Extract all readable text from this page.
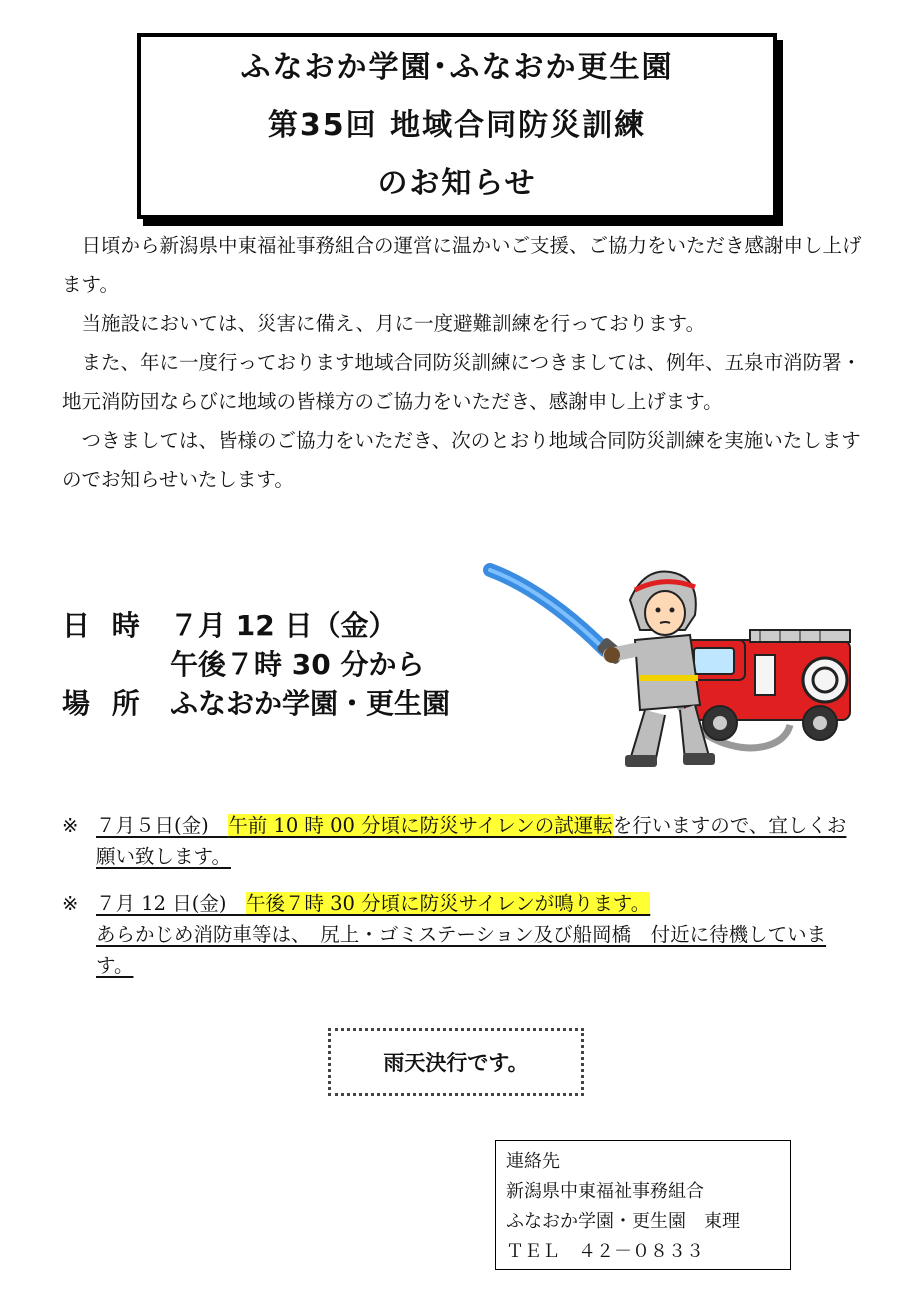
ふなおか学園･ふなおか更生園
第35回 地域合同防災訓練
のお知らせ

日頃から新潟県中東福祉事務組合の運営に温かいご支援、ご協力をいただき感謝申し上げます。

当施設においては、災害に備え、月に一度避難訓練を行っております。

また、年に一度行っております地域合同防災訓練につきましては、例年、五泉市消防署・地元消防団ならびに地域の皆様方のご協力をいただき、感謝申し上げます。

つきましては、皆様のご協力をいただき、次のとおり地域合同防災訓練を実施いたしますのでお知らせいたします。

日 時 ７月 12 日（金）
午後７時 30 分から
場 所 ふなおか学園・更生園
※ ７月５日(金)　午前 10 時 00 分頃に防災サイレンの試運転を行いますので、宜しくお願い致します。
※ ７月 12 日(金)　午後７時 30 分頃に防災サイレンが鳴ります。
あらかじめ消防車等は、　尻上・ゴミステーション及び船岡橋　付近に待機しています。
雨天決行です。
連絡先
新潟県中東福祉事務組合
ふなおか学園・更生園　東理
ＴＥＬ　４２－０８３３
